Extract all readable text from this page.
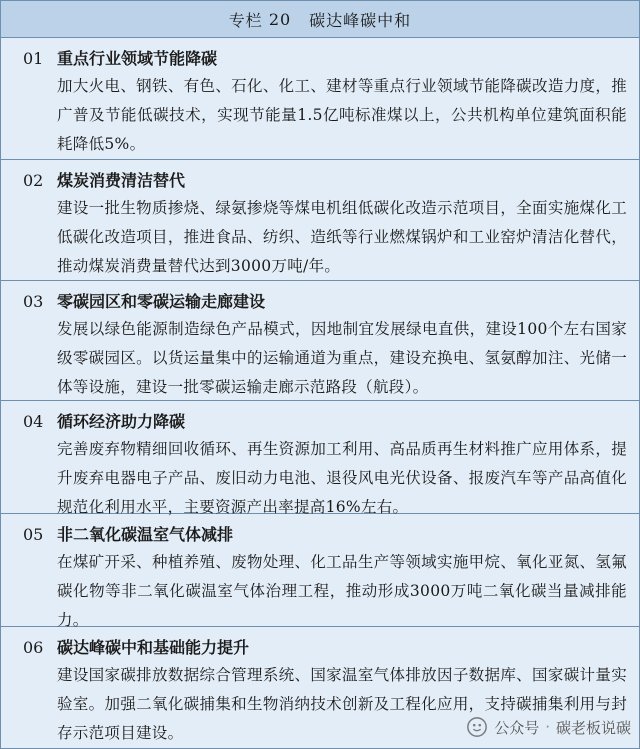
专栏 20 碳达峰碳中和
01 重点行业领域节能降碳
加大火电、钢铁、有色、石化、化工、建材等重点行业领域节能降碳改造力度，推广普及节能低碳技术，实现节能量1.5亿吨标准煤以上，公共机构单位建筑面积能耗降低5%。
02 煤炭消费清洁替代
建设一批生物质掺烧、绿氨掺烧等煤电机组低碳化改造示范项目，全面实施煤化工低碳化改造项目，推进食品、纺织、造纸等行业燃煤锅炉和工业窑炉清洁化替代，推动煤炭消费量替代达到3000万吨/年。
03 零碳园区和零碳运输走廊建设
发展以绿色能源制造绿色产品模式，因地制宜发展绿电直供，建设100个左右国家级零碳园区。以货运量集中的运输通道为重点，建设充换电、氢氨醇加注、光储一体等设施，建设一批零碳运输走廊示范路段（航段）。
04 循环经济助力降碳
完善废弃物精细回收循环、再生资源加工利用、高品质再生材料推广应用体系，提升废弃电器电子产品、废旧动力电池、退役风电光伏设备、报废汽车等产品高值化规范化利用水平，主要资源产出率提高16%左右。
05 非二氧化碳温室气体减排
在煤矿开采、种植养殖、废物处理、化工品生产等领域实施甲烷、氧化亚氮、氢氟碳化物等非二氧化碳温室气体治理工程，推动形成3000万吨二氧化碳当量减排能力。
06 碳达峰碳中和基础能力提升
建设国家碳排放数据综合管理系统、国家温室气体排放因子数据库、国家碳计量实验室。加强二氧化碳捕集和生物消纳技术创新及工程化应用，支持碳捕集利用与封存示范项目建设。	公众号 · 碳老板说碳
